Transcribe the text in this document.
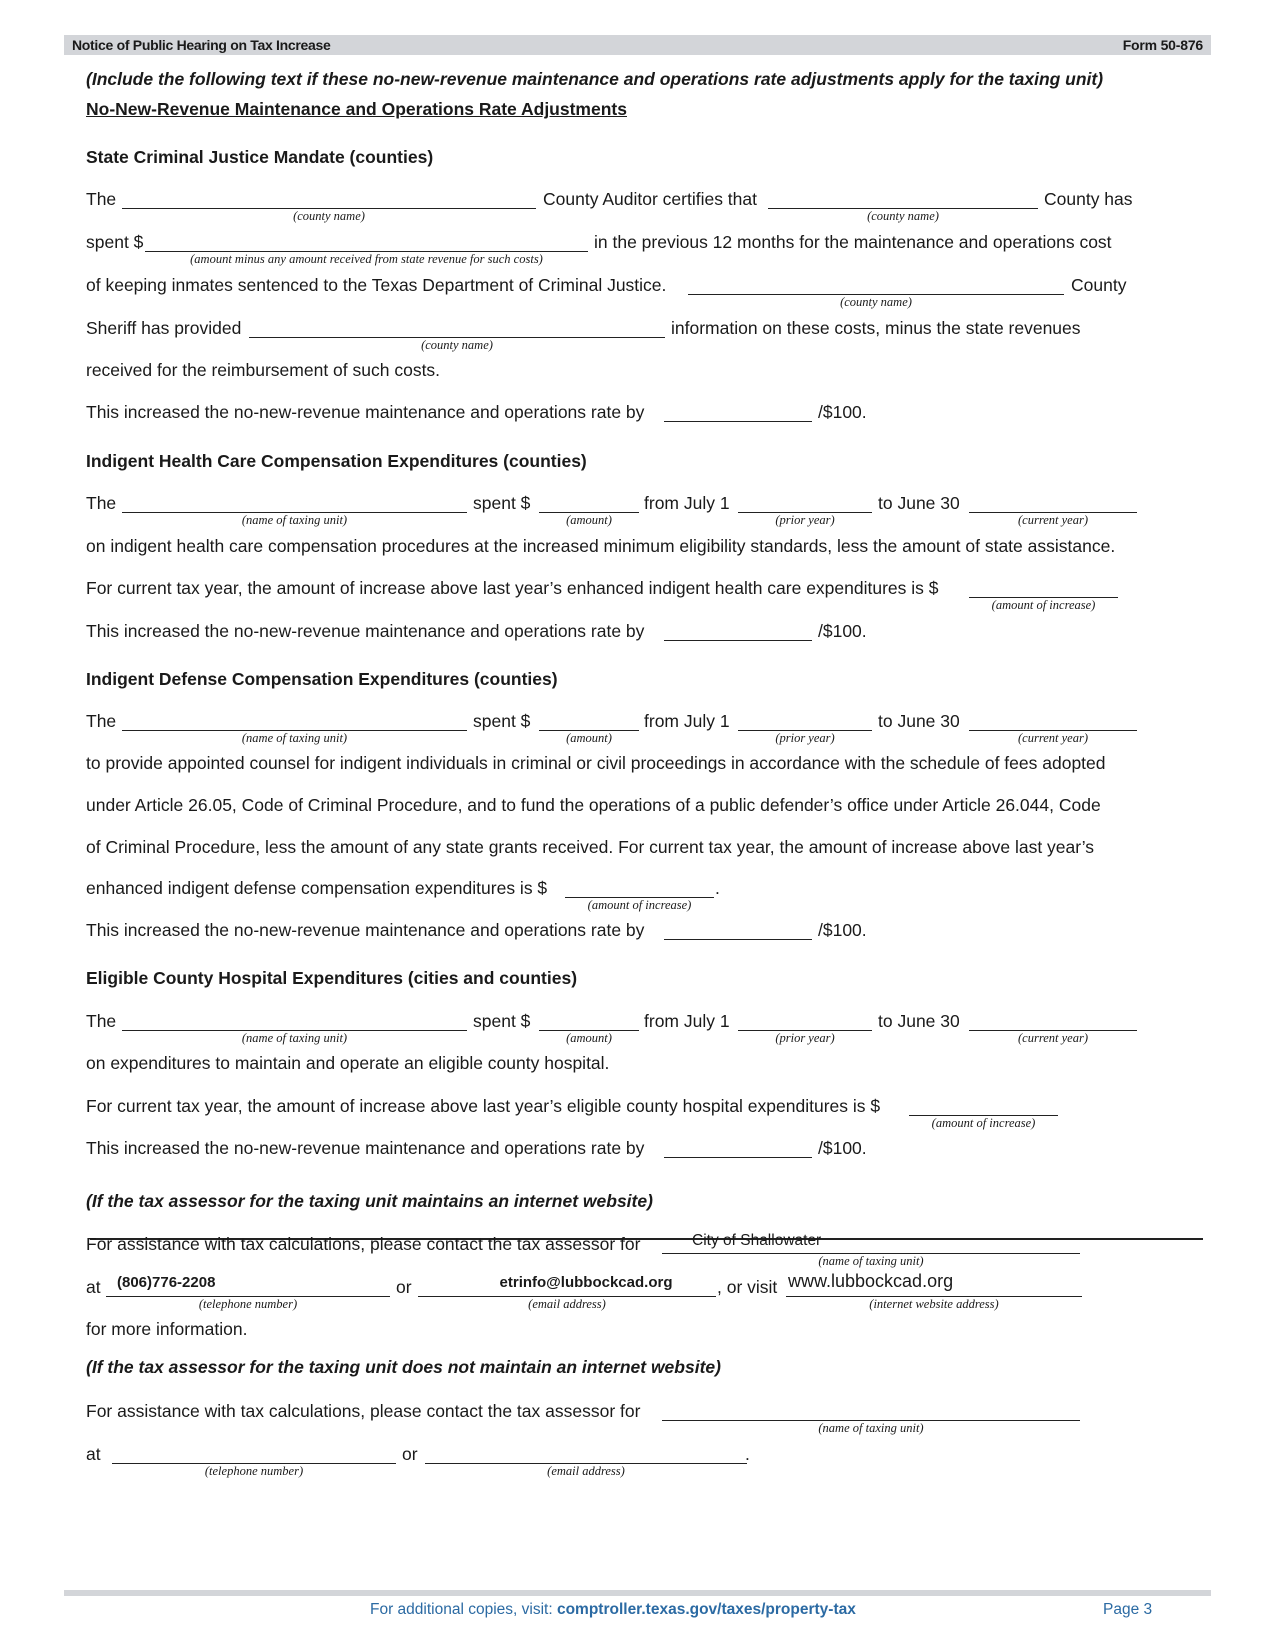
Notice of Public Hearing on Tax Increase	Form 50-876
(Include the following text if these no-new-revenue maintenance and operations rate adjustments apply for the taxing unit)
No-New-Revenue Maintenance and Operations Rate Adjustments
State Criminal Justice Mandate (counties)
The
(county name)
County Auditor certifies that
(county name)
County has
spent $
(amount minus any amount received from state revenue for such costs)
in the previous 12 months for the maintenance and operations cost
of keeping inmates sentenced to the Texas Department of Criminal Justice.
(county name)
County
Sheriff has provided
(county name)
information on these costs, minus the state revenues
received for the reimbursement of such costs.
This increased the no-new-revenue maintenance and operations rate by	/$100.
Indigent Health Care Compensation Expenditures (counties)
The
(name of taxing unit)
spent $
(amount)
from July 1
(prior year)
to June 30
(current year)
on indigent health care compensation procedures at the increased minimum eligibility standards, less the amount of state assistance.
For current tax year, the amount of increase above last year’s enhanced indigent health care expenditures is $
(amount of increase)
This increased the no-new-revenue maintenance and operations rate by	/$100.
Indigent Defense Compensation Expenditures (counties)
The
(name of taxing unit)
spent $
(amount)
from July 1
(prior year)
to June 30
(current year)
to provide appointed counsel for indigent individuals in criminal or civil proceedings in accordance with the schedule of fees adopted
under Article 26.05, Code of Criminal Procedure, and to fund the operations of a public defender’s office under Article 26.044, Code
of Criminal Procedure, less the amount of any state grants received. For current tax year, the amount of increase above last year’s
enhanced indigent defense compensation expenditures is $
(amount of increase)
.
This increased the no-new-revenue maintenance and operations rate by	/$100.
Eligible County Hospital Expenditures (cities and counties)
The
(name of taxing unit)
spent $
(amount)
from July 1
(prior year)
to June 30
(current year)
on expenditures to maintain and operate an eligible county hospital.
For current tax year, the amount of increase above last year’s eligible county hospital expenditures is $
(amount of increase)
This increased the no-new-revenue maintenance and operations rate by	/$100.
(If the tax assessor for the taxing unit maintains an internet website)
For assistance with tax calculations, please contact the tax assessor for	City of Shallowater
(name of taxing unit)
at (806)776-2208
(telephone number)
or	etrinfo@lubbockcad.org
(email address)
, or visit www.lubbockcad.org
(internet website address)
for more information.
(If the tax assessor for the taxing unit does not maintain an internet website)
For assistance with tax calculations, please contact the tax assessor for
(name of taxing unit)
at
(telephone number)
or
(email address)
.
For additional copies, visit: comptroller.texas.gov/taxes/property-tax	Page 3
